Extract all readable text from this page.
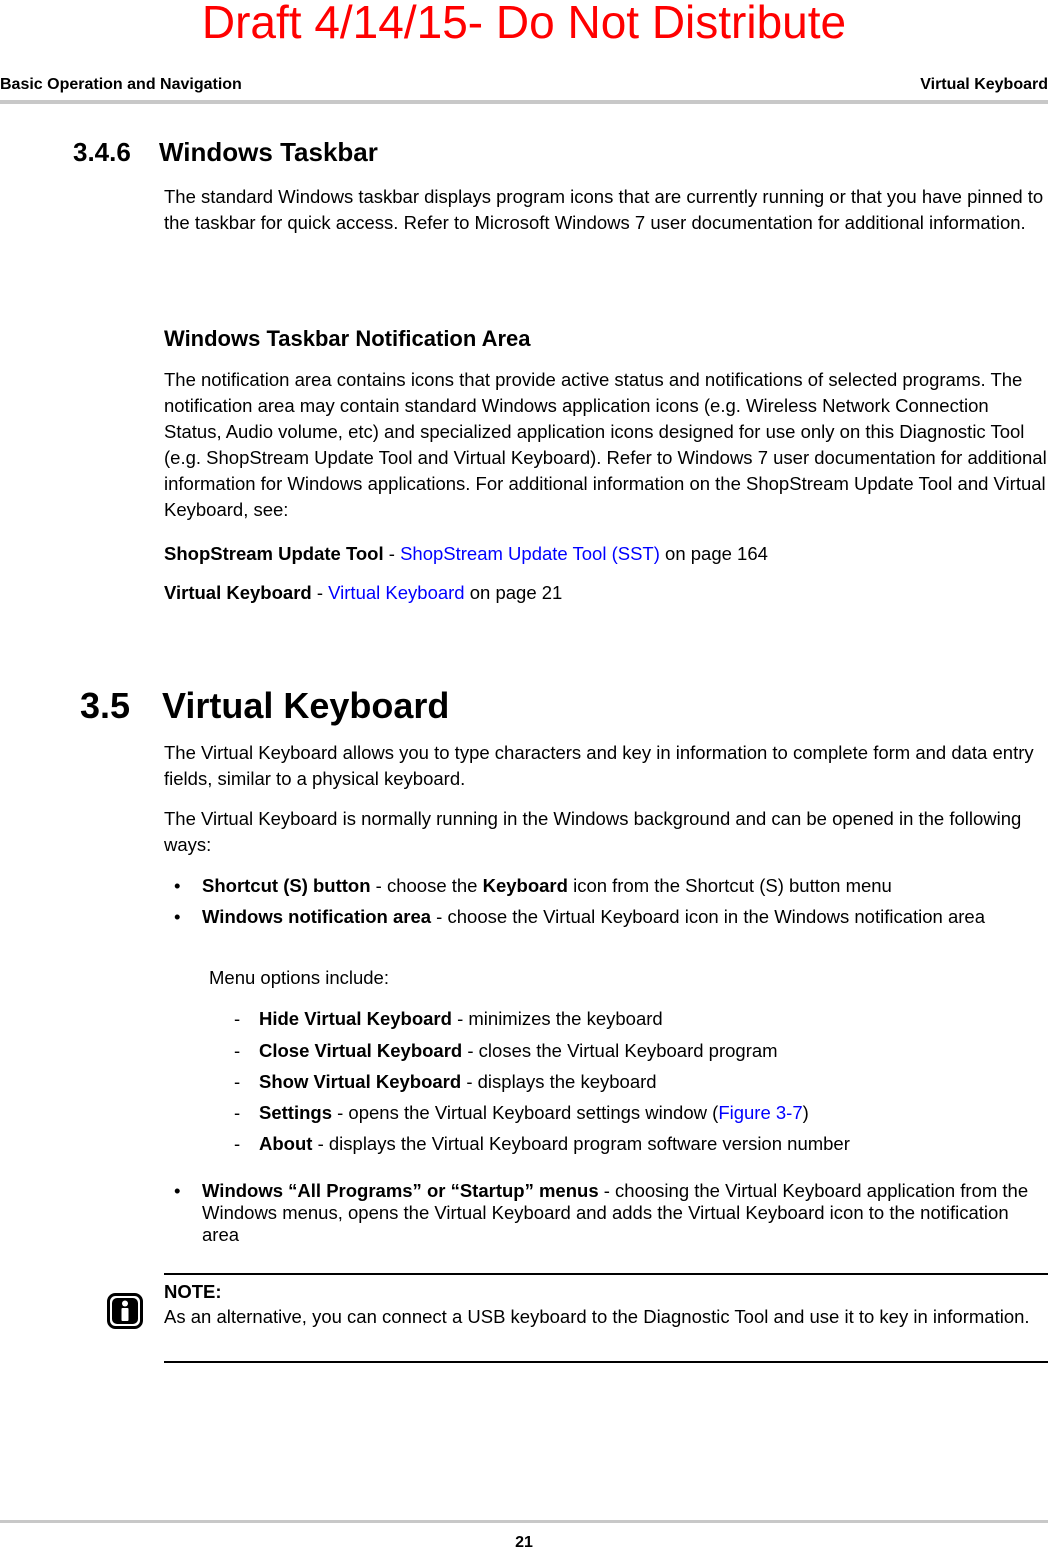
Draft 4/14/15- Do Not Distribute
Basic Operation and Navigation	Virtual Keyboard
3.4.6 Windows Taskbar
The standard Windows taskbar displays program icons that are currently running or that you have pinned to the taskbar for quick access. Refer to Microsoft Windows 7 user documentation for additional information.
Windows Taskbar Notification Area
The notification area contains icons that provide active status and notifications of selected programs. The notification area may contain standard Windows application icons (e.g. Wireless Network Connection Status, Audio volume, etc) and specialized application icons designed for use only on this Diagnostic Tool (e.g. ShopStream Update Tool and Virtual Keyboard). Refer to Windows 7 user documentation for additional information for Windows applications. For additional information on the ShopStream Update Tool and Virtual Keyboard, see:
ShopStream Update Tool - ShopStream Update Tool (SST) on page 164
Virtual Keyboard - Virtual Keyboard on page 21
3.5 Virtual Keyboard
The Virtual Keyboard allows you to type characters and key in information to complete form and data entry fields, similar to a physical keyboard.
The Virtual Keyboard is normally running in the Windows background and can be opened in the following ways:
• Shortcut (S) button - choose the Keyboard icon from the Shortcut (S) button menu
• Windows notification area - choose the Virtual Keyboard icon in the Windows notification area
Menu options include:
- Hide Virtual Keyboard - minimizes the keyboard
- Close Virtual Keyboard - closes the Virtual Keyboard program
- Show Virtual Keyboard - displays the keyboard
- Settings - opens the Virtual Keyboard settings window (Figure 3-7)
- About - displays the Virtual Keyboard program software version number
• Windows “All Programs” or “Startup” menus - choosing the Virtual Keyboard application from the Windows menus, opens the Virtual Keyboard and adds the Virtual Keyboard icon to the notification area
NOTE:
As an alternative, you can connect a USB keyboard to the Diagnostic Tool and use it to key in information.
21
